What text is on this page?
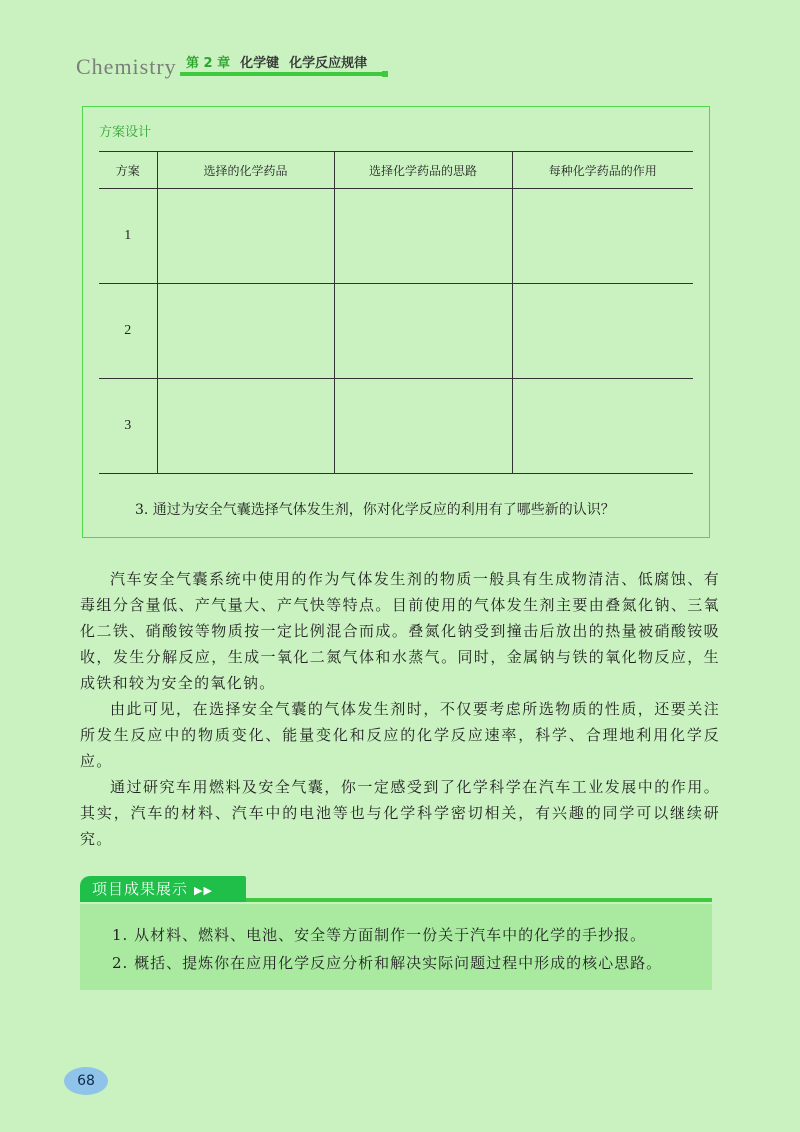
Chemistry 第 2 章 化学键 化学反应规律
方案设计
方案	选择的化学药品	选择化学药品的思路	每种化学药品的作用
1			
2			
3			
3. 通过为安全气囊选择气体发生剂，你对化学反应的利用有了哪些新的认识？

汽车安全气囊系统中使用的作为气体发生剂的物质一般具有生成物清洁、低腐蚀、有毒组分含量低、产气量大、产气快等特点。目前使用的气体发生剂主要由叠氮化钠、三氧化二铁、硝酸铵等物质按一定比例混合而成。叠氮化钠受到撞击后放出的热量被硝酸铵吸收，发生分解反应，生成一氧化二氮气体和水蒸气。同时，金属钠与铁的氧化物反应，生成铁和较为安全的氧化钠。

由此可见，在选择安全气囊的气体发生剂时，不仅要考虑所选物质的性质，还要关注所发生反应中的物质变化、能量变化和反应的化学反应速率，科学、合理地利用化学反应。

通过研究车用燃料及安全气囊，你一定感受到了化学科学在汽车工业发展中的作用。其实，汽车的材料、汽车中的电池等也与化学科学密切相关，有兴趣的同学可以继续研究。

项目成果展示 ▶▶
1. 从材料、燃料、电池、安全等方面制作一份关于汽车中的化学的手抄报。
2. 概括、提炼你在应用化学反应分析和解决实际问题过程中形成的核心思路。
68
